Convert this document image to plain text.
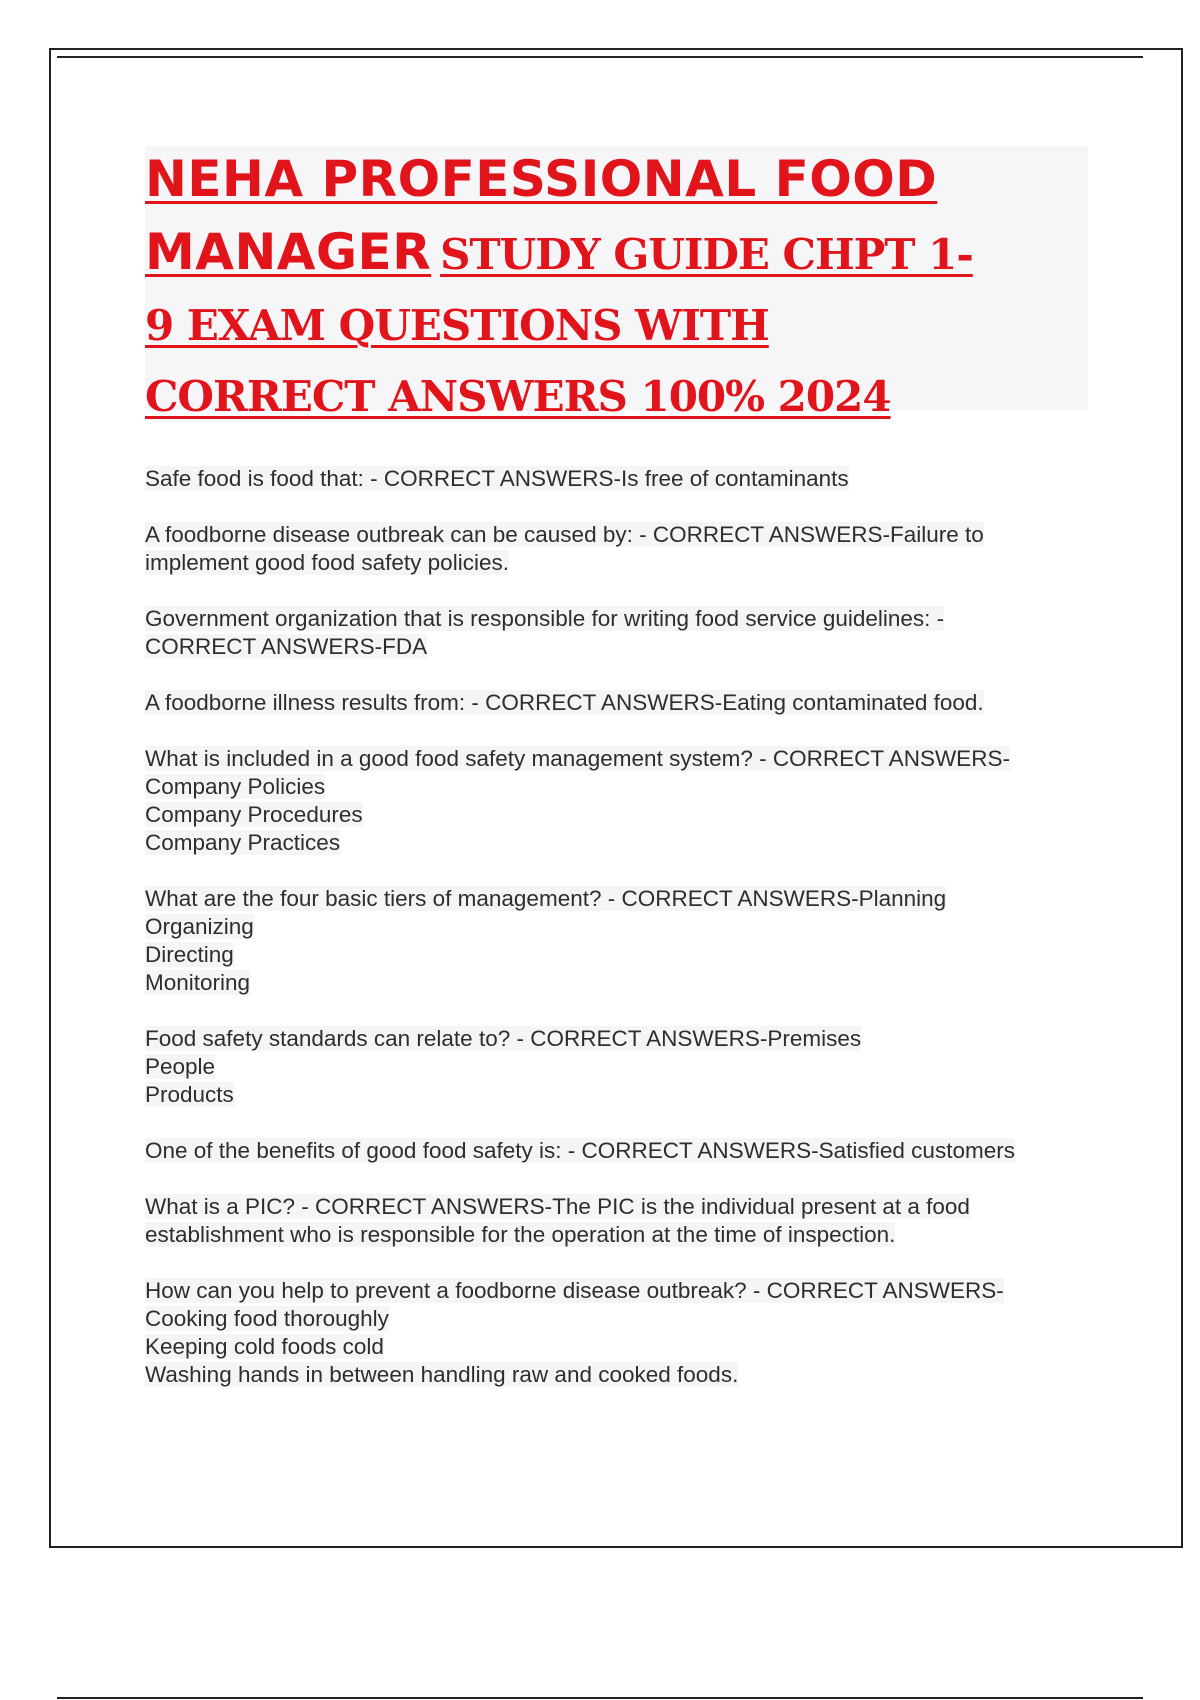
NEHA PROFESSIONAL FOOD
MANAGER STUDY GUIDE CHPT 1-
9 EXAM QUESTIONS WITH
CORRECT ANSWERS 100% 2024
Safe food is food that: - CORRECT ANSWERS-Is free of contaminants
A foodborne disease outbreak can be caused by: - CORRECT ANSWERS-Failure to
implement good food safety policies.
Government organization that is responsible for writing food service guidelines: -
CORRECT ANSWERS-FDA
A foodborne illness results from: - CORRECT ANSWERS-Eating contaminated food.
What is included in a good food safety management system? - CORRECT ANSWERS-
Company Policies
Company Procedures
Company Practices
What are the four basic tiers of management? - CORRECT ANSWERS-Planning
Organizing
Directing
Monitoring
Food safety standards can relate to? - CORRECT ANSWERS-Premises
People
Products
One of the benefits of good food safety is: - CORRECT ANSWERS-Satisfied customers
What is a PIC? - CORRECT ANSWERS-The PIC is the individual present at a food
establishment who is responsible for the operation at the time of inspection.
How can you help to prevent a foodborne disease outbreak? - CORRECT ANSWERS-
Cooking food thoroughly
Keeping cold foods cold
Washing hands in between handling raw and cooked foods.
